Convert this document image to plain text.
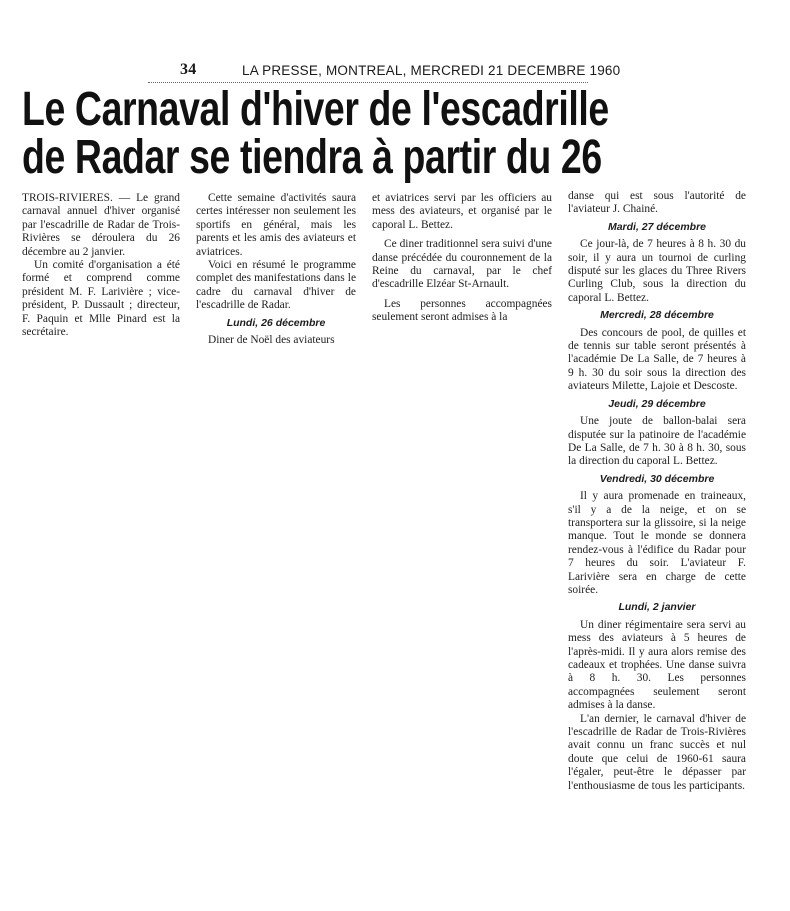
34	LA PRESSE, MONTREAL, MERCREDI 21 DECEMBRE 1960
Le Carnaval d'hiver de l'escadrille
de Radar se tiendra à partir du 26

TROIS-RIVIERES. — Le grand carnaval annuel d'hiver organisé par l'escadrille de Radar de Trois-Rivières se déroulera du 26 décembre au 2 janvier.

Un comité d'organisation a été formé et comprend comme président M. F. Larivière ; vice-président, P. Dussault ; directeur, F. Paquin et Mlle Pinard est la secrétaire.

Cette semaine d'activités saura certes intéresser non seulement les sportifs en général, mais les parents et les amis des aviateurs et aviatrices.

Voici en résumé le programme complet des manifestations dans le cadre du carnaval d'hiver de l'escadrille de Radar.

Lundi, 26 décembre

Diner de Noël des aviateurs

et aviatrices servi par les officiers au mess des aviateurs, et organisé par le caporal L. Bettez.

Ce diner traditionnel sera suivi d'une danse précédée du couronnement de la Reine du carnaval, par le chef d'escadrille Elzéar St-Arnault.

Les personnes accompagnées seulement seront admises à la

danse qui est sous l'autorité de l'aviateur J. Chainé.

Mardi, 27 décembre

Ce jour-là, de 7 heures à 8 h. 30 du soir, il y aura un tournoi de curling disputé sur les glaces du Three Rivers Curling Club, sous la direction du caporal L. Bettez.

Mercredi, 28 décembre

Des concours de pool, de quilles et de tennis sur table seront présentés à l'académie De La Salle, de 7 heures à 9 h. 30 du soir sous la direction des aviateurs Milette, Lajoie et Descoste.

Jeudi, 29 décembre

Une joute de ballon-balai sera disputée sur la patinoire de l'académie De La Salle, de 7 h. 30 à 8 h. 30, sous la direction du caporal L. Bettez.

Vendredi, 30 décembre

Il y aura promenade en traineaux, s'il y a de la neige, et on se transportera sur la glissoire, si la neige manque. Tout le monde se donnera rendez-vous à l'édifice du Radar pour 7 heures du soir. L'aviateur F. Larivière sera en charge de cette soirée.

Lundi, 2 janvier

Un diner régimentaire sera servi au mess des aviateurs à 5 heures de l'après-midi. Il y aura alors remise des cadeaux et trophées. Une danse suivra à 8 h. 30. Les personnes accompagnées seulement seront admises à la danse.

L'an dernier, le carnaval d'hiver de l'escadrille de Radar de Trois-Rivières avait connu un franc succès et nul doute que celui de 1960-61 saura l'égaler, peut-être le dépasser par l'enthousiasme de tous les participants.
